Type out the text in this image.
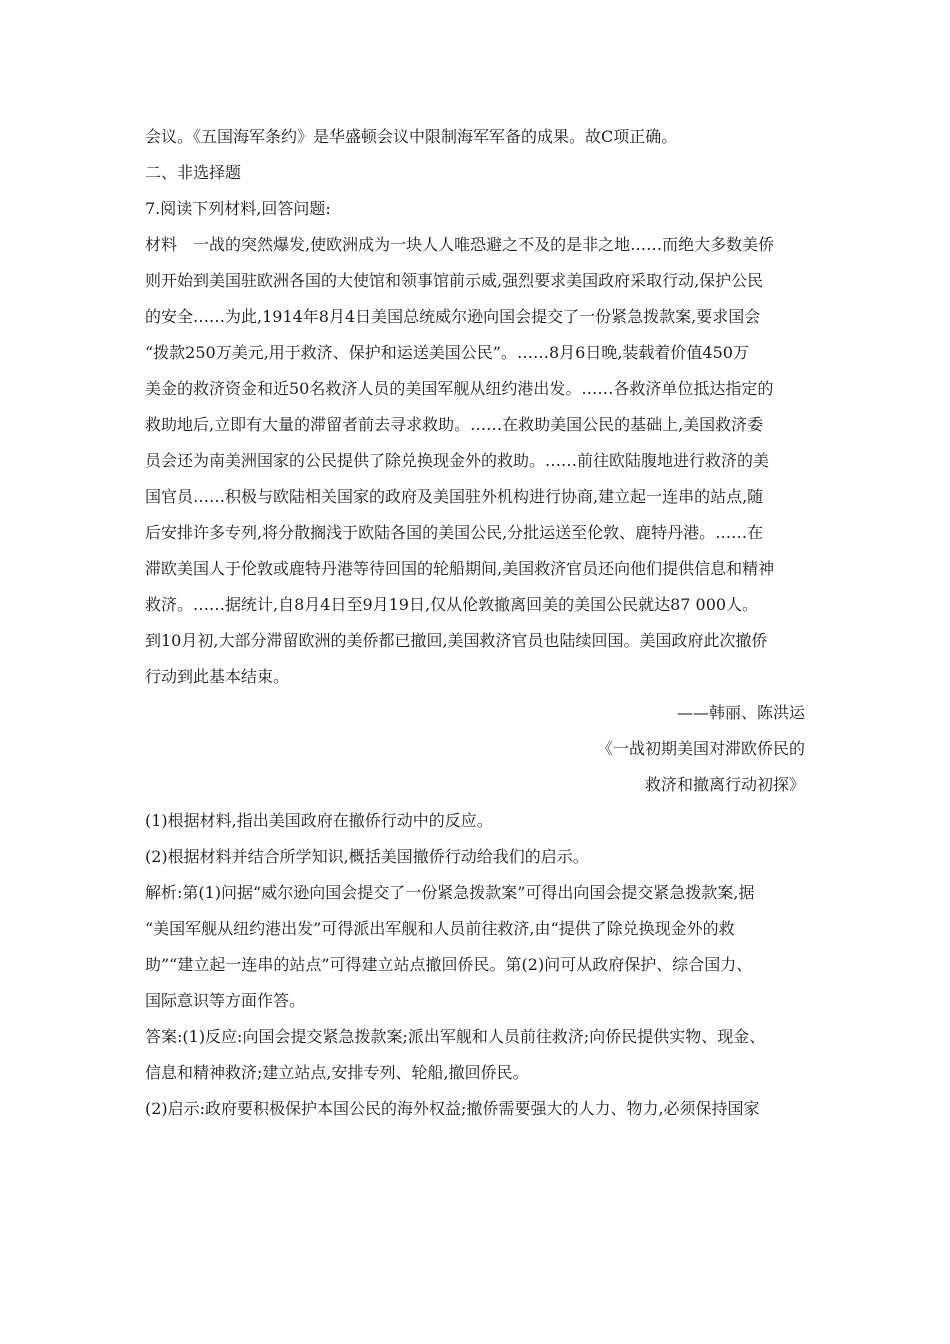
会议。《五国海军条约》是华盛顿会议中限制海军军备的成果。故C项正确。
二、非选择题
7.阅读下列材料,回答问题:
材料　一战的突然爆发,使欧洲成为一块人人唯恐避之不及的是非之地……而绝大多数美侨
则开始到美国驻欧洲各国的大使馆和领事馆前示威,强烈要求美国政府采取行动,保护公民
的安全……为此,1914年8月4日美国总统威尔逊向国会提交了一份紧急拨款案,要求国会
“拨款250万美元,用于救济、保护和运送美国公民”。……8月6日晚,装载着价值450万
美金的救济资金和近50名救济人员的美国军舰从纽约港出发。……各救济单位抵达指定的
救助地后,立即有大量的滞留者前去寻求救助。……在救助美国公民的基础上,美国救济委
员会还为南美洲国家的公民提供了除兑换现金外的救助。……前往欧陆腹地进行救济的美
国官员……积极与欧陆相关国家的政府及美国驻外机构进行协商,建立起一连串的站点,随
后安排许多专列,将分散搁浅于欧陆各国的美国公民,分批运送至伦敦、鹿特丹港。……在
滞欧美国人于伦敦或鹿特丹港等待回国的轮船期间,美国救济官员还向他们提供信息和精神
救济。……据统计,自8月4日至9月19日,仅从伦敦撤离回美的美国公民就达87 000人。
到10月初,大部分滞留欧洲的美侨都已撤回,美国救济官员也陆续回国。美国政府此次撤侨
行动到此基本结束。
——韩丽、陈洪运
《一战初期美国对滞欧侨民的
救济和撤离行动初探》
(1)根据材料,指出美国政府在撤侨行动中的反应。
(2)根据材料并结合所学知识,概括美国撤侨行动给我们的启示。
解析:第(1)问据“威尔逊向国会提交了一份紧急拨款案”可得出向国会提交紧急拨款案,据
“美国军舰从纽约港出发”可得派出军舰和人员前往救济,由“提供了除兑换现金外的救
助”“建立起一连串的站点”可得建立站点撤回侨民。第(2)问可从政府保护、综合国力、
国际意识等方面作答。
答案:(1)反应:向国会提交紧急拨款案;派出军舰和人员前往救济;向侨民提供实物、现金、
信息和精神救济;建立站点,安排专列、轮船,撤回侨民。
(2)启示:政府要积极保护本国公民的海外权益;撤侨需要强大的人力、物力,必须保持国家
